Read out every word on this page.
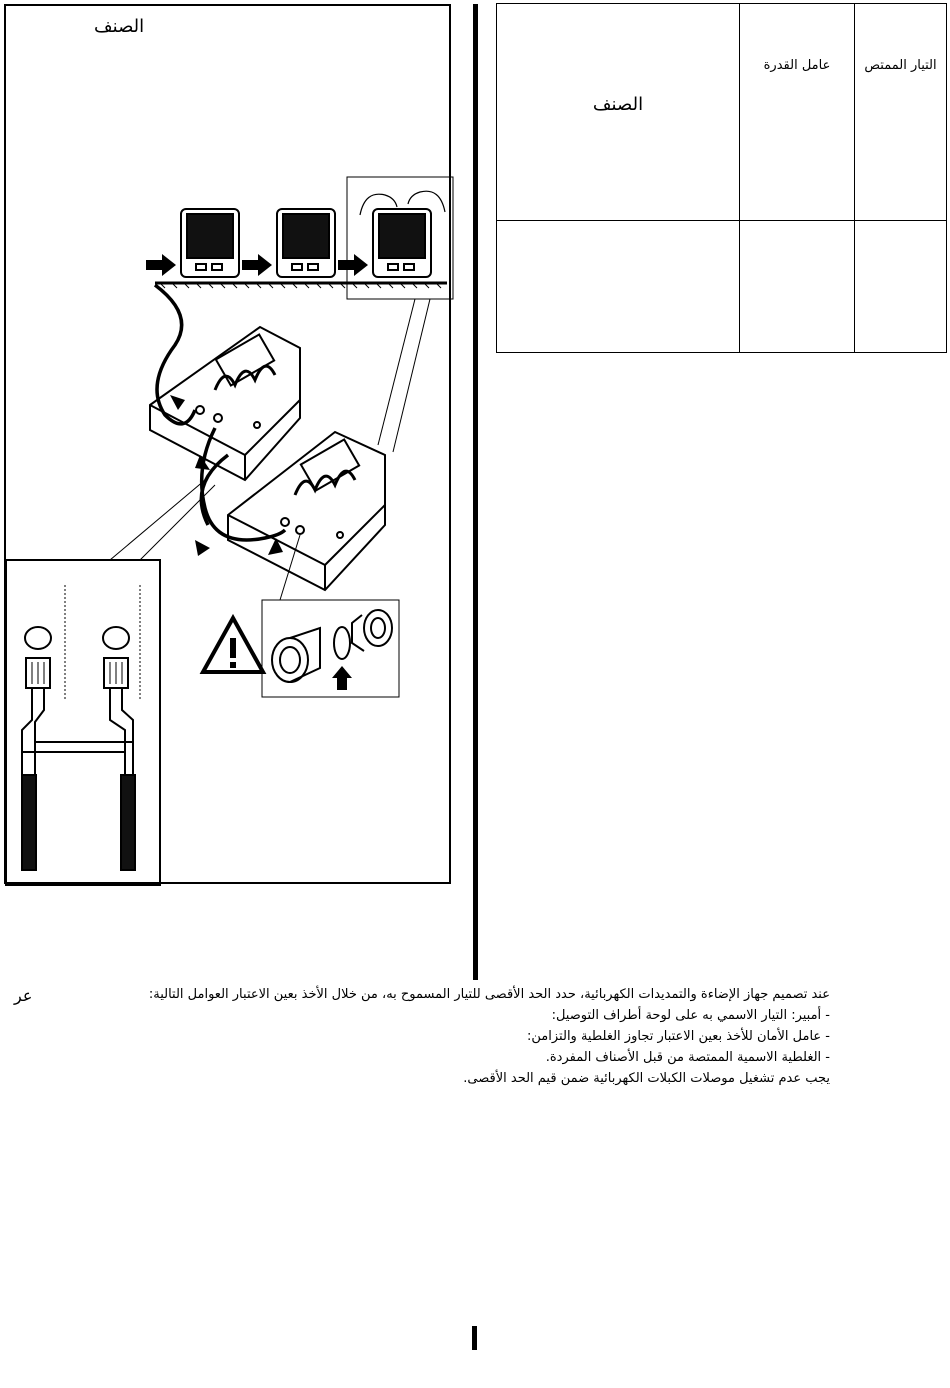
الصنف
الصنف	عامل القدرة	التيار الممتص

عر	عند تصميم جهاز الإضاءة والتمديدات الكهربائية، حدد الحد الأقصى للتيار المسموح به، من خلال الأخذ بعين الاعتبار العوامل التالية:
- أمبير: التيار الاسمي به على لوحة أطراف التوصيل:
- عامل الأمان للأخذ بعين الاعتبار تجاوز الغلطية والتزامن:
- الغلطية الاسمية الممتصة من قبل الأصناف المفردة.
يجب عدم تشغيل موصلات الكبلات الكهربائية ضمن قيم الحد الأقصى.
